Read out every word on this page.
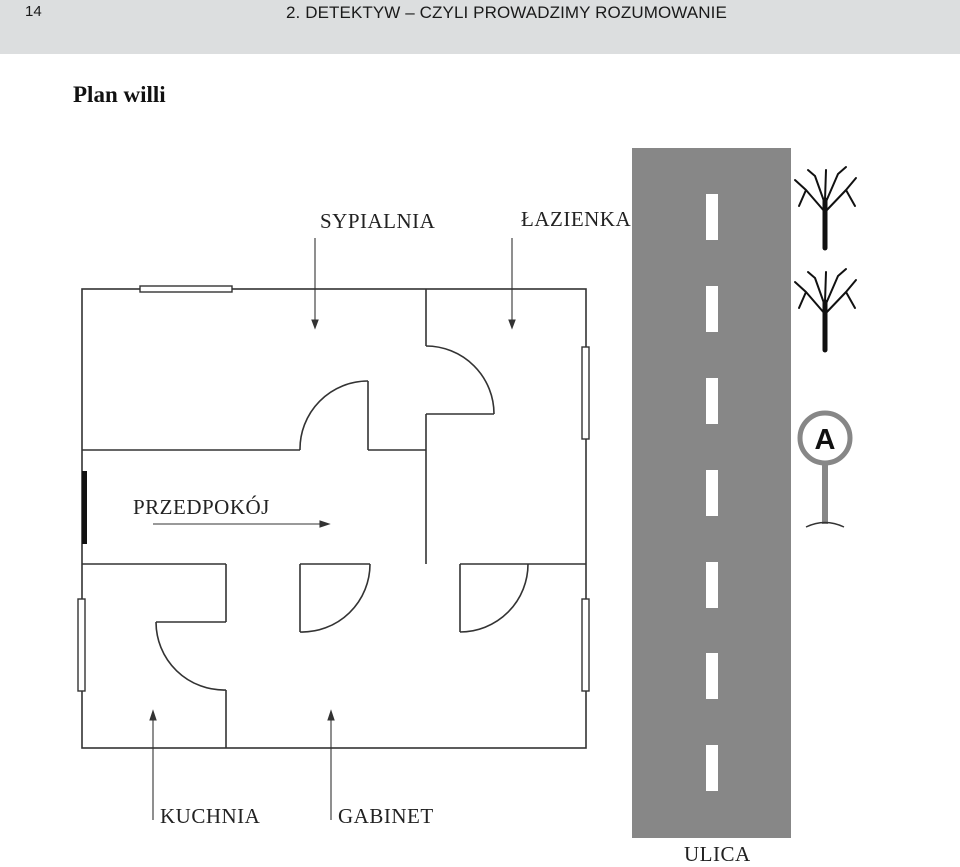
14	2. DETEKTYW – CZYLI PROWADZIMY ROZUMOWANIE
Plan willi
A
SYPIALNIA	ŁAZIENKA
PRZEDPOKÓJ
KUCHNIA	GABINET
ULICA
